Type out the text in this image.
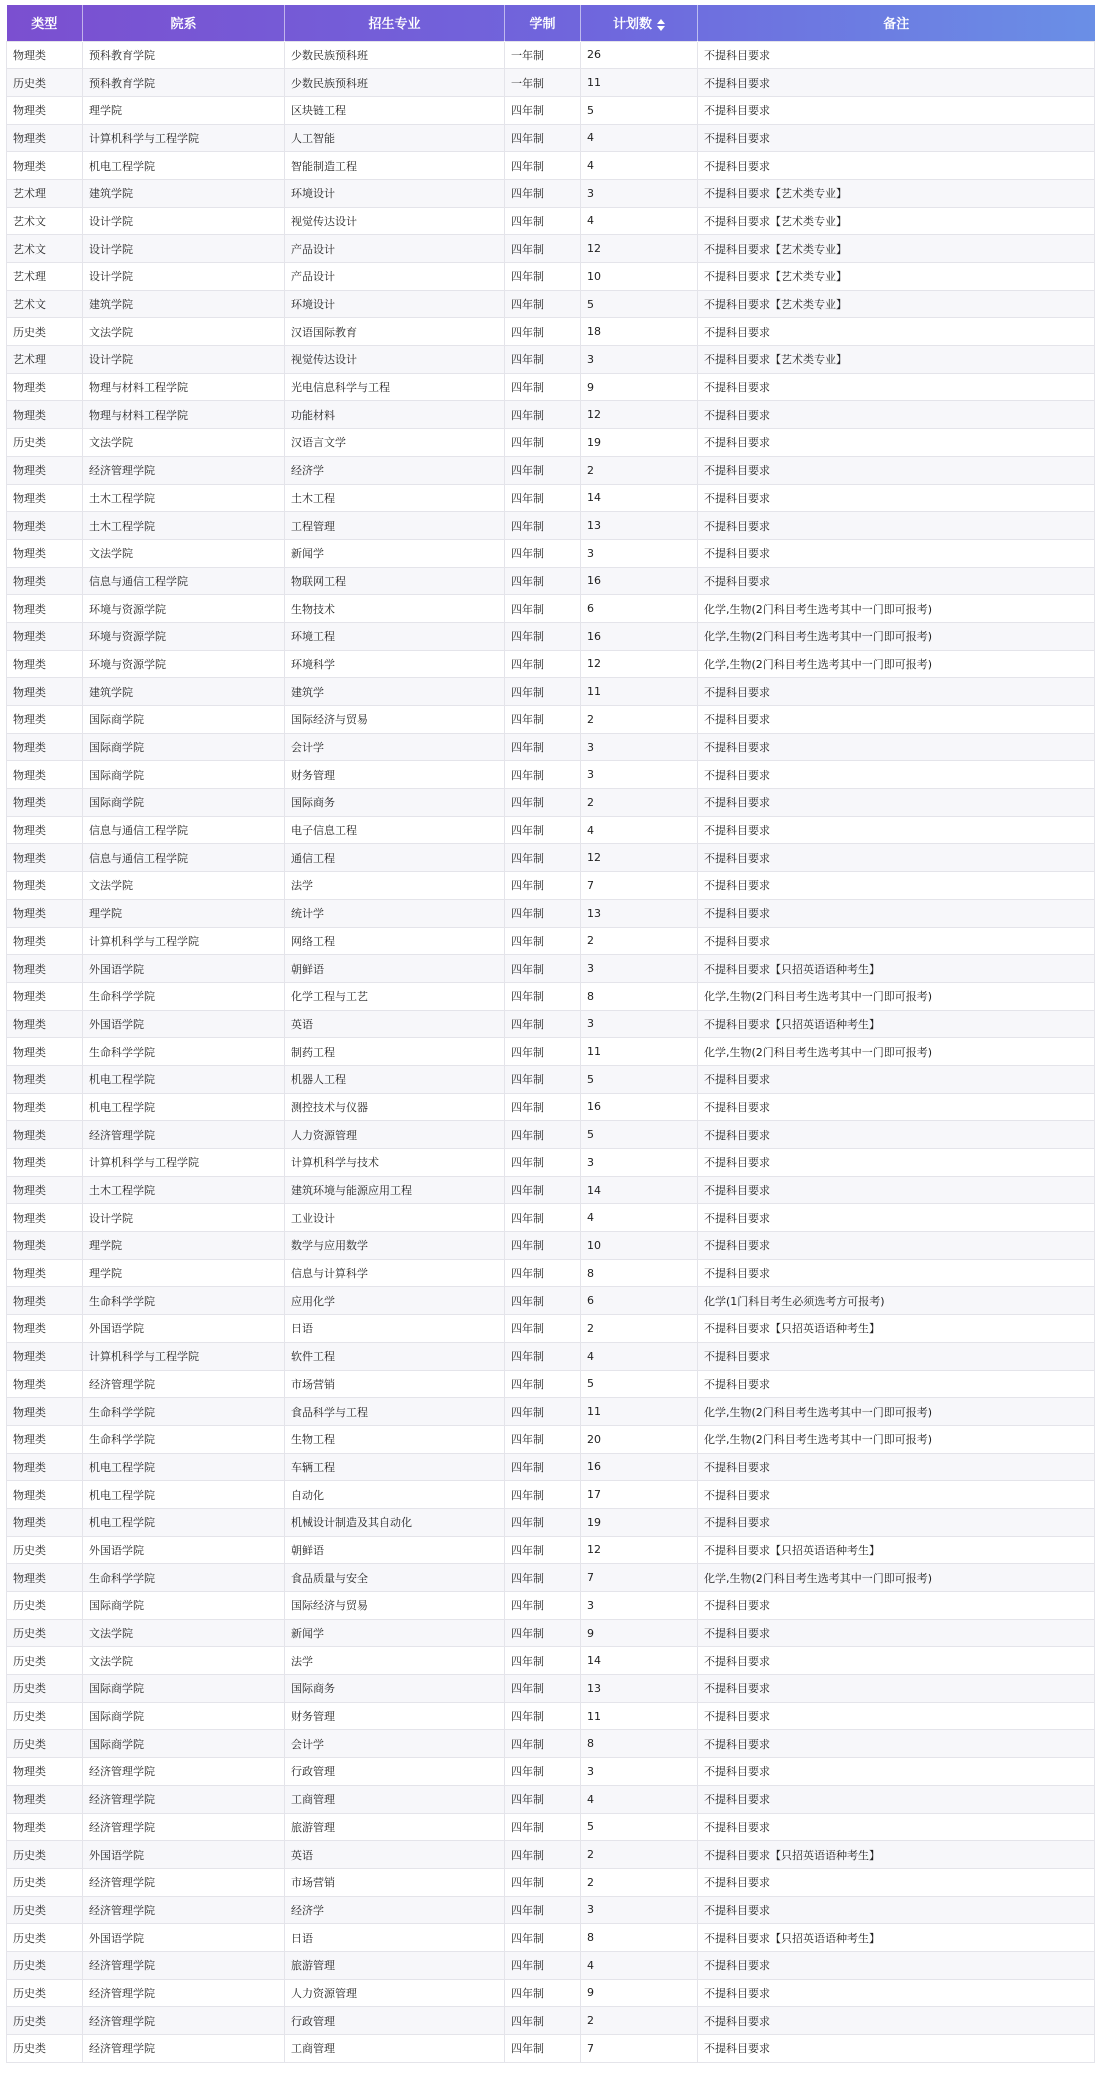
类型	院系	招生专业	学制	计划数	备注
物理类	预科教育学院	少数民族预科班	一年制	26	不提科目要求
历史类	预科教育学院	少数民族预科班	一年制	11	不提科目要求
物理类	理学院	区块链工程	四年制	5	不提科目要求
物理类	计算机科学与工程学院	人工智能	四年制	4	不提科目要求
物理类	机电工程学院	智能制造工程	四年制	4	不提科目要求
艺术理	建筑学院	环境设计	四年制	3	不提科目要求【艺术类专业】
艺术文	设计学院	视觉传达设计	四年制	4	不提科目要求【艺术类专业】
艺术文	设计学院	产品设计	四年制	12	不提科目要求【艺术类专业】
艺术理	设计学院	产品设计	四年制	10	不提科目要求【艺术类专业】
艺术文	建筑学院	环境设计	四年制	5	不提科目要求【艺术类专业】
历史类	文法学院	汉语国际教育	四年制	18	不提科目要求
艺术理	设计学院	视觉传达设计	四年制	3	不提科目要求【艺术类专业】
物理类	物理与材料工程学院	光电信息科学与工程	四年制	9	不提科目要求
物理类	物理与材料工程学院	功能材料	四年制	12	不提科目要求
历史类	文法学院	汉语言文学	四年制	19	不提科目要求
物理类	经济管理学院	经济学	四年制	2	不提科目要求
物理类	土木工程学院	土木工程	四年制	14	不提科目要求
物理类	土木工程学院	工程管理	四年制	13	不提科目要求
物理类	文法学院	新闻学	四年制	3	不提科目要求
物理类	信息与通信工程学院	物联网工程	四年制	16	不提科目要求
物理类	环境与资源学院	生物技术	四年制	6	化学,生物(2门科目考生选考其中一门即可报考)
物理类	环境与资源学院	环境工程	四年制	16	化学,生物(2门科目考生选考其中一门即可报考)
物理类	环境与资源学院	环境科学	四年制	12	化学,生物(2门科目考生选考其中一门即可报考)
物理类	建筑学院	建筑学	四年制	11	不提科目要求
物理类	国际商学院	国际经济与贸易	四年制	2	不提科目要求
物理类	国际商学院	会计学	四年制	3	不提科目要求
物理类	国际商学院	财务管理	四年制	3	不提科目要求
物理类	国际商学院	国际商务	四年制	2	不提科目要求
物理类	信息与通信工程学院	电子信息工程	四年制	4	不提科目要求
物理类	信息与通信工程学院	通信工程	四年制	12	不提科目要求
物理类	文法学院	法学	四年制	7	不提科目要求
物理类	理学院	统计学	四年制	13	不提科目要求
物理类	计算机科学与工程学院	网络工程	四年制	2	不提科目要求
物理类	外国语学院	朝鲜语	四年制	3	不提科目要求【只招英语语种考生】
物理类	生命科学学院	化学工程与工艺	四年制	8	化学,生物(2门科目考生选考其中一门即可报考)
物理类	外国语学院	英语	四年制	3	不提科目要求【只招英语语种考生】
物理类	生命科学学院	制药工程	四年制	11	化学,生物(2门科目考生选考其中一门即可报考)
物理类	机电工程学院	机器人工程	四年制	5	不提科目要求
物理类	机电工程学院	测控技术与仪器	四年制	16	不提科目要求
物理类	经济管理学院	人力资源管理	四年制	5	不提科目要求
物理类	计算机科学与工程学院	计算机科学与技术	四年制	3	不提科目要求
物理类	土木工程学院	建筑环境与能源应用工程	四年制	14	不提科目要求
物理类	设计学院	工业设计	四年制	4	不提科目要求
物理类	理学院	数学与应用数学	四年制	10	不提科目要求
物理类	理学院	信息与计算科学	四年制	8	不提科目要求
物理类	生命科学学院	应用化学	四年制	6	化学(1门科目考生必须选考方可报考)
物理类	外国语学院	日语	四年制	2	不提科目要求【只招英语语种考生】
物理类	计算机科学与工程学院	软件工程	四年制	4	不提科目要求
物理类	经济管理学院	市场营销	四年制	5	不提科目要求
物理类	生命科学学院	食品科学与工程	四年制	11	化学,生物(2门科目考生选考其中一门即可报考)
物理类	生命科学学院	生物工程	四年制	20	化学,生物(2门科目考生选考其中一门即可报考)
物理类	机电工程学院	车辆工程	四年制	16	不提科目要求
物理类	机电工程学院	自动化	四年制	17	不提科目要求
物理类	机电工程学院	机械设计制造及其自动化	四年制	19	不提科目要求
历史类	外国语学院	朝鲜语	四年制	12	不提科目要求【只招英语语种考生】
物理类	生命科学学院	食品质量与安全	四年制	7	化学,生物(2门科目考生选考其中一门即可报考)
历史类	国际商学院	国际经济与贸易	四年制	3	不提科目要求
历史类	文法学院	新闻学	四年制	9	不提科目要求
历史类	文法学院	法学	四年制	14	不提科目要求
历史类	国际商学院	国际商务	四年制	13	不提科目要求
历史类	国际商学院	财务管理	四年制	11	不提科目要求
历史类	国际商学院	会计学	四年制	8	不提科目要求
物理类	经济管理学院	行政管理	四年制	3	不提科目要求
物理类	经济管理学院	工商管理	四年制	4	不提科目要求
物理类	经济管理学院	旅游管理	四年制	5	不提科目要求
历史类	外国语学院	英语	四年制	2	不提科目要求【只招英语语种考生】
历史类	经济管理学院	市场营销	四年制	2	不提科目要求
历史类	经济管理学院	经济学	四年制	3	不提科目要求
历史类	外国语学院	日语	四年制	8	不提科目要求【只招英语语种考生】
历史类	经济管理学院	旅游管理	四年制	4	不提科目要求
历史类	经济管理学院	人力资源管理	四年制	9	不提科目要求
历史类	经济管理学院	行政管理	四年制	2	不提科目要求
历史类	经济管理学院	工商管理	四年制	7	不提科目要求
